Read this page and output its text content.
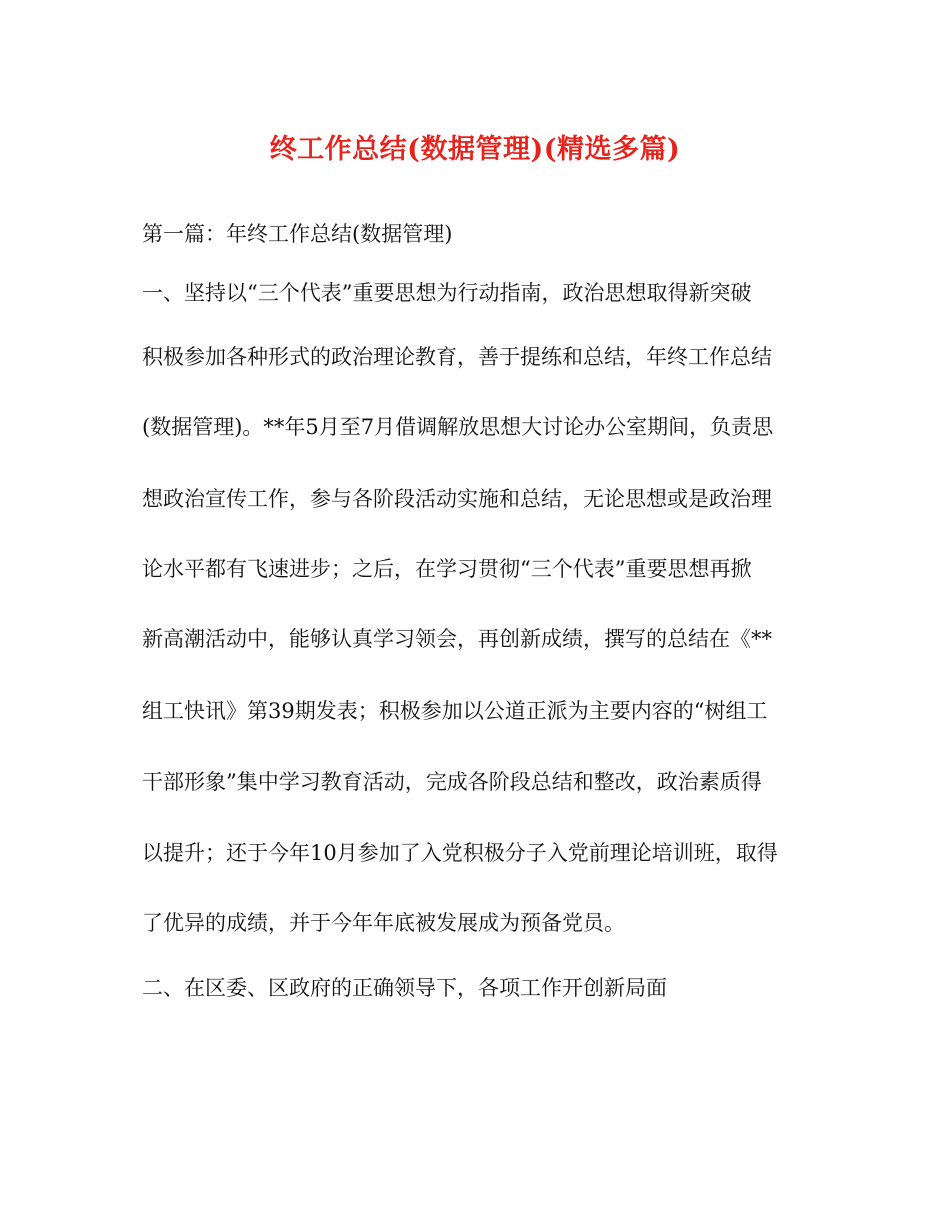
终工作总结(数据管理)(精选多篇)
第一篇：年终工作总结(数据管理)
一、坚持以“三个代表”重要思想为行动指南，政治思想取得新突破
积极参加各种形式的政治理论教育，善于提练和总结，年终工作总结
(数据管理)。**年5月至7月借调解放思想大讨论办公室期间，负责思
想政治宣传工作，参与各阶段活动实施和总结，无论思想或是政治理
论水平都有飞速进步；之后，在学习贯彻“三个代表”重要思想再掀
新高潮活动中，能够认真学习领会，再创新成绩，撰写的总结在《**
组工快讯》第39期发表；积极参加以公道正派为主要内容的“树组工
干部形象”集中学习教育活动，完成各阶段总结和整改，政治素质得
以提升；还于今年10月参加了入党积极分子入党前理论培训班，取得
了优异的成绩，并于今年年底被发展成为预备党员。
二、在区委、区政府的正确领导下，各项工作开创新局面
